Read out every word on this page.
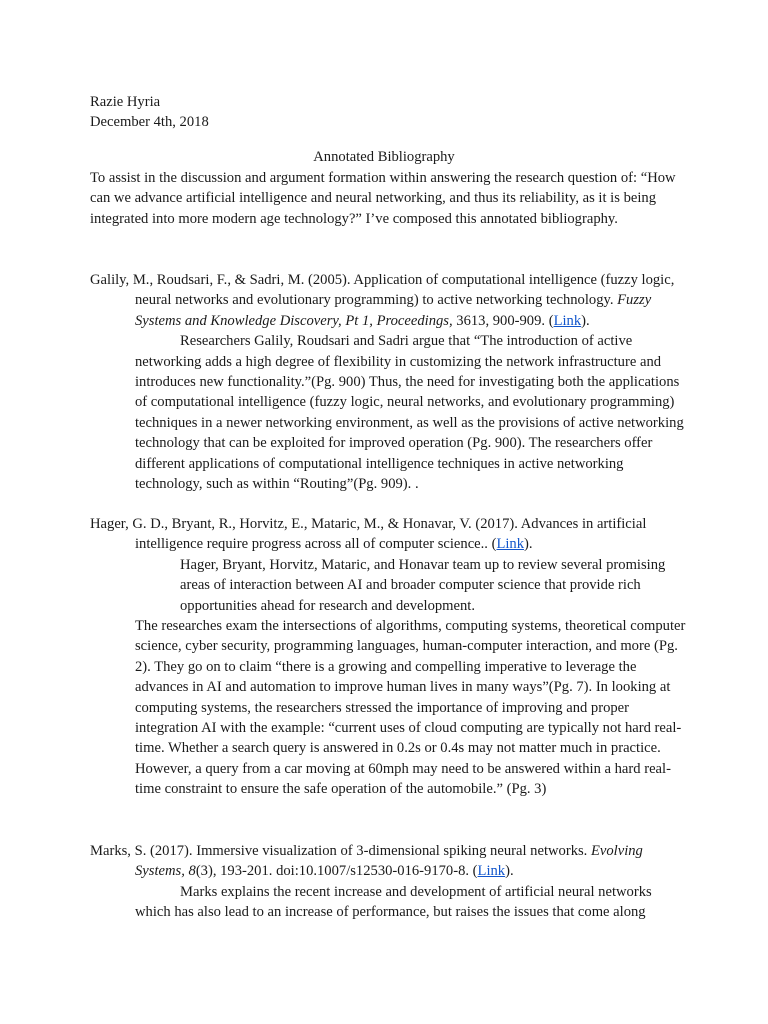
Razie Hyria
December 4th, 2018
Annotated Bibliography

To assist in the discussion and argument formation within answering the research question of: “How can we advance artificial intelligence and neural networking, and thus its reliability, as it is being integrated into more modern age technology?” I’ve composed this annotated bibliography.

Galily, M., Roudsari, F., & Sadri, M. (2005). Application of computational intelligence (fuzzy logic, neural networks and evolutionary programming) to active networking technology. Fuzzy Systems and Knowledge Discovery, Pt 1, Proceedings, 3613, 900-909. (Link).

Researchers Galily, Roudsari and Sadri argue that “The introduction of active networking adds a high degree of flexibility in customizing the network infrastructure and introduces new functionality.”(Pg. 900) Thus, the need for investigating both the applications of computational intelligence (fuzzy logic, neural networks, and evolutionary programming) techniques in a newer networking environment, as well as the provisions of active networking technology that can be exploited for improved operation (Pg. 900). The researchers offer different applications of computational intelligence techniques in active networking technology, such as within “Routing”(Pg. 909). .

Hager, G. D., Bryant, R., Horvitz, E., Mataric, M., & Honavar, V. (2017). Advances in artificial intelligence require progress across all of computer science.. (Link).

Hager, Bryant, Horvitz, Mataric, and Honavar team up to review several promising areas of interaction between AI and broader computer science that provide rich opportunities ahead for research and development.

The researches exam the intersections of algorithms, computing systems, theoretical computer science, cyber security, programming languages, human-computer interaction, and more (Pg. 2). They go on to claim “there is a growing and compelling imperative to leverage the advances in AI and automation to improve human lives in many ways”(Pg. 7). In looking at computing systems, the researchers stressed the importance of improving and proper integration AI with the example: “current uses of cloud computing are typically not hard real-time. Whether a search query is answered in 0.2s or 0.4s may not matter much in practice. However, a query from a car moving at 60mph may need to be answered within a hard real-time constraint to ensure the safe operation of the automobile.” (Pg. 3)

Marks, S. (2017). Immersive visualization of 3-dimensional spiking neural networks. Evolving Systems, 8(3), 193-201. doi:10.1007/s12530-016-9170-8. (Link).

Marks explains the recent increase and development of artificial neural networks which has also lead to an increase of performance, but raises the issues that come along
